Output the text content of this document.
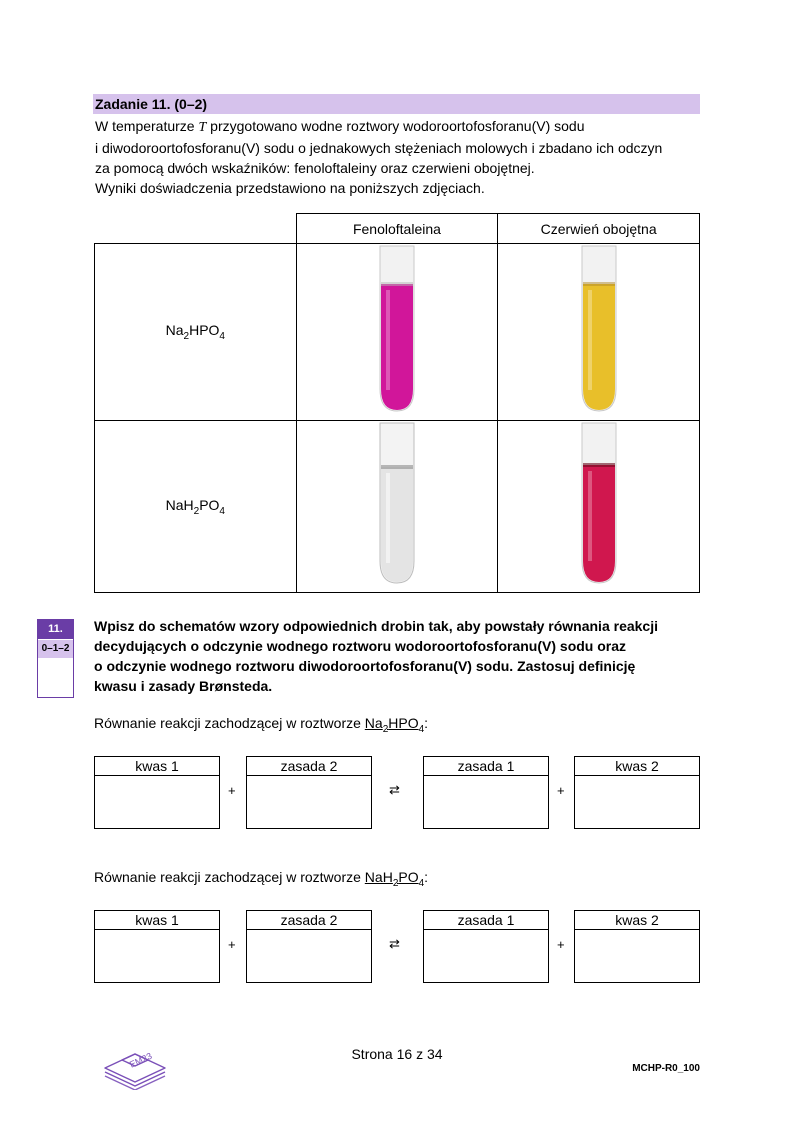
Zadanie 11. (0–2)

W temperaturze T przygotowano wodne roztwory wodoroortofosforanu(V) sodu

i diwodoroortofosforanu(V) sodu o jednakowych stężeniach molowych i zbadano ich odczyn

za pomocą dwóch wskaźników: fenoloftaleiny oraz czerwieni obojętnej.

Wyniki doświadczenia przedstawiono na poniższych zdjęciach.

	Fenoloftaleina	Czerwień obojętna
$Na_2HPO_4$	

$NaH_2PO_4$	

11.
0–1–2

Wpisz do schematów wzory odpowiednich drobin tak, aby powstały równania reakcji

decydujących o odczynie wodnego roztworu wodoroortofosforanu(V) sodu oraz

o odczynie wodnego roztworu diwodoroortofosforanu(V) sodu. Zastosuj definicję

kwasu i zasady Brønsteda.

Równanie reakcji zachodzącej w roztworze $Na_2HPO_4$:
kwas 1
+
zasada 2
⇄
zasada 1
+
kwas 2
Równanie reakcji zachodzącej w roztworze $NaH_2PO_4$:
kwas 1
+
zasada 2
⇄
zasada 1
+
kwas 2
EM23	Strona 16 z 34
MCHP-R0_100
